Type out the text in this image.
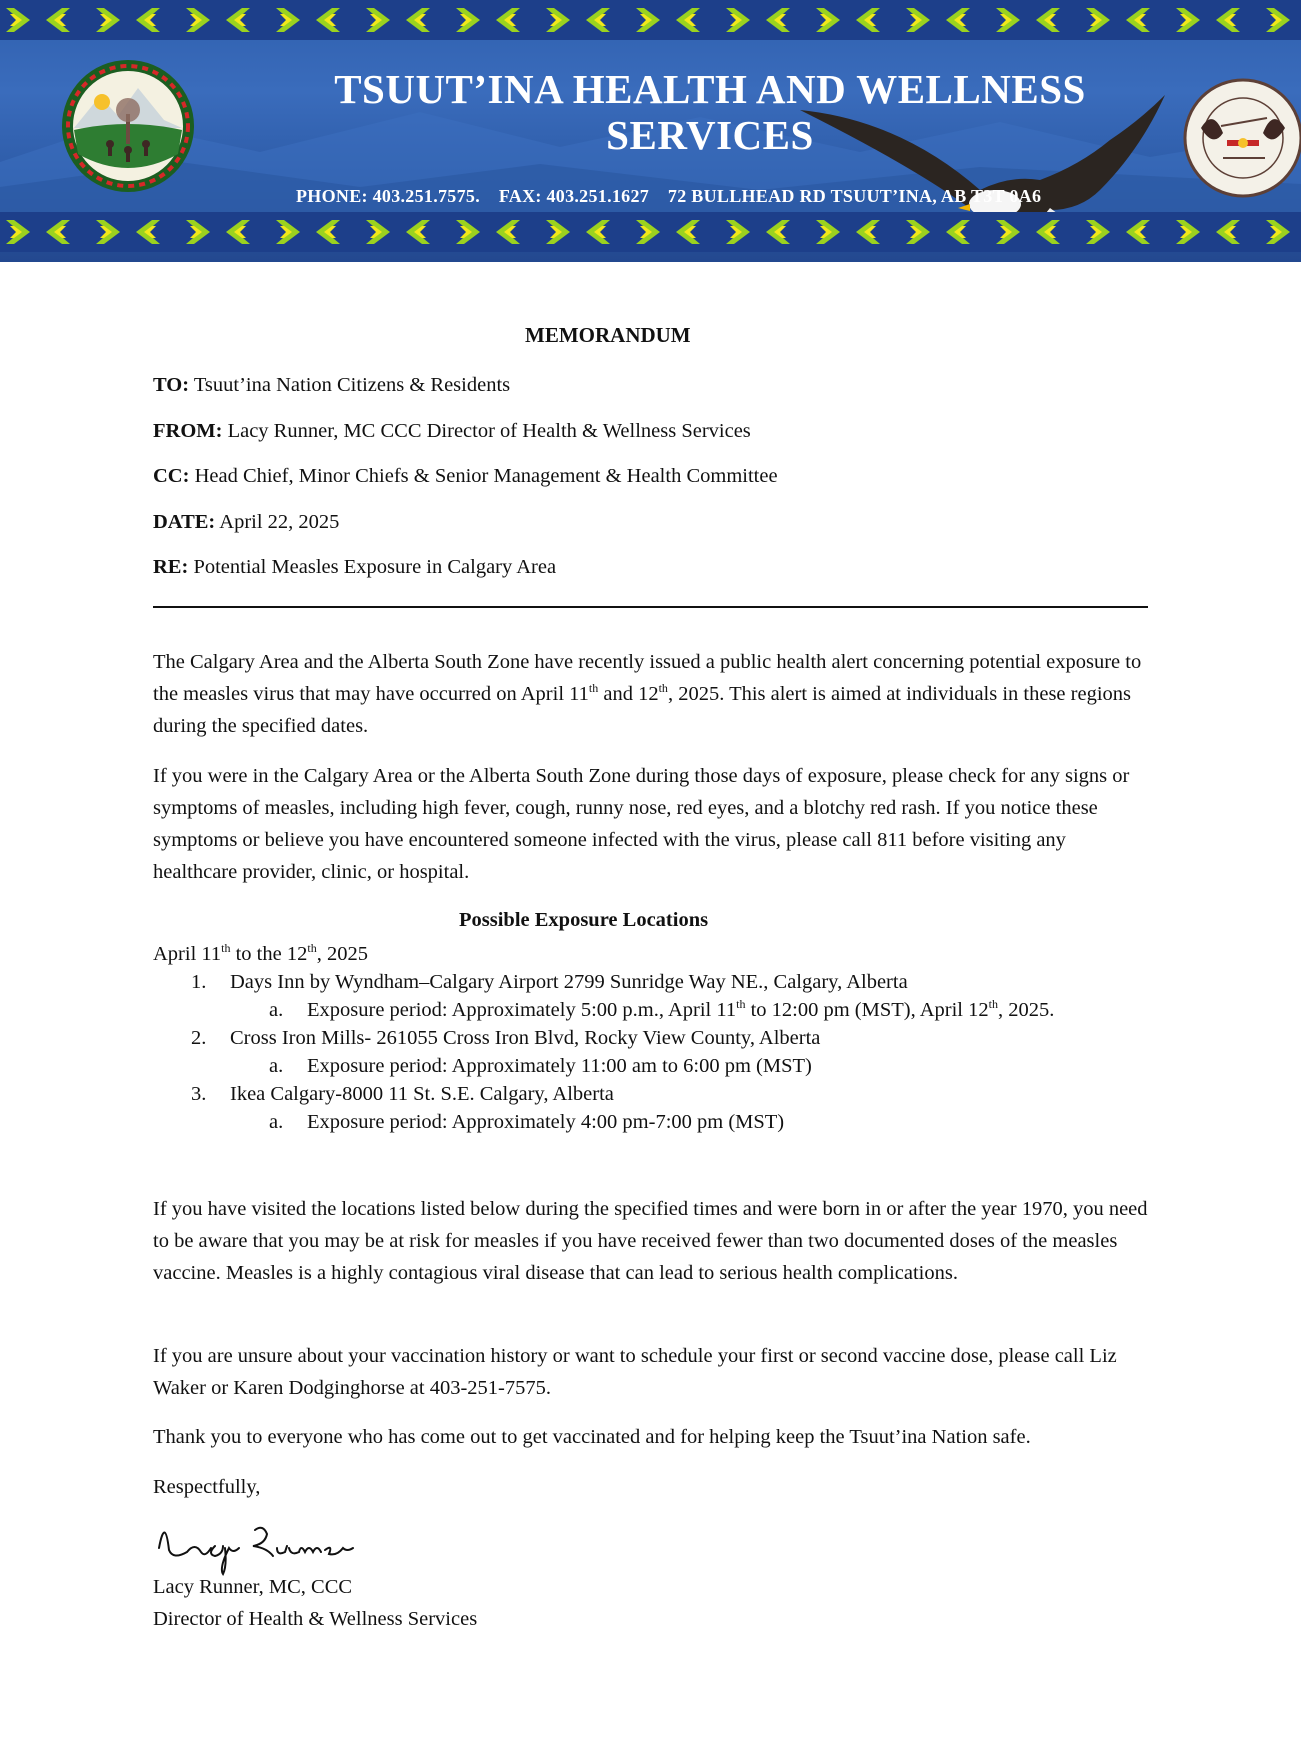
TSUUT’INA HEALTH AND WELLNESS
SERVICES
PHONE: 403.251.7575. FAX: 403.251.1627 72 BULLHEAD RD TSUUT’INA, AB T3T 0A6
MEMORANDUM
TO: Tsuut’ina Nation Citizens & Residents
FROM: Lacy Runner, MC CCC Director of Health & Wellness Services
CC: Head Chief, Minor Chiefs & Senior Management & Health Committee
DATE: April 22, 2025
RE: Potential Measles Exposure in Calgary Area
The Calgary Area and the Alberta South Zone have recently issued a public health alert concerning potential exposure to the measles virus that may have occurred on April 11th and 12th, 2025. This alert is aimed at individuals in these regions during the specified dates.
If you were in the Calgary Area or the Alberta South Zone during those days of exposure, please check for any signs or symptoms of measles, including high fever, cough, runny nose, red eyes, and a blotchy red rash. If you notice these symptoms or believe you have encountered someone infected with the virus, please call 811 before visiting any healthcare provider, clinic, or hospital.
Possible Exposure Locations
April 11th to the 12th, 2025
1. Days Inn by Wyndham–Calgary Airport 2799 Sunridge Way NE., Calgary, Alberta
a. Exposure period: Approximately 5:00 p.m., April 11th to 12:00 pm (MST), April 12th, 2025.
2. Cross Iron Mills- 261055 Cross Iron Blvd, Rocky View County, Alberta
a. Exposure period: Approximately 11:00 am to 6:00 pm (MST)
3. Ikea Calgary-8000 11 St. S.E. Calgary, Alberta
a. Exposure period: Approximately 4:00 pm-7:00 pm (MST)
If you have visited the locations listed below during the specified times and were born in or after the year 1970, you need to be aware that you may be at risk for measles if you have received fewer than two documented doses of the measles vaccine. Measles is a highly contagious viral disease that can lead to serious health complications.
If you are unsure about your vaccination history or want to schedule your first or second vaccine dose, please call Liz Waker or Karen Dodginghorse at 403-251-7575.
Thank you to everyone who has come out to get vaccinated and for helping keep the Tsuut’ina Nation safe.
Respectfully,
Lacy Runner, MC, CCC
Director of Health & Wellness Services
